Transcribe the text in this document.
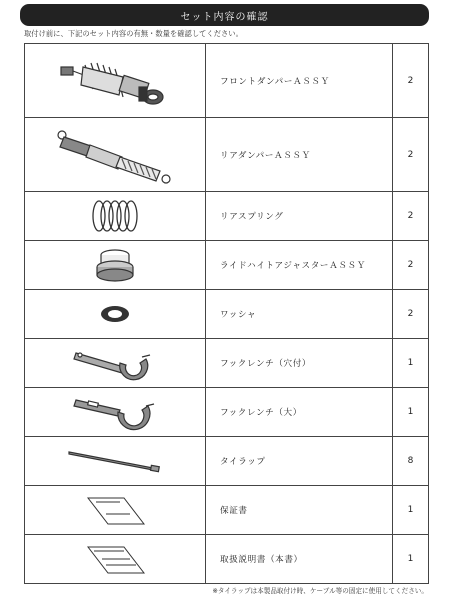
セット内容の確認
取付け前に、下記のセット内容の有無・数量を確認してください。
	フロントダンパーＡＳＳＹ	2

	リアダンパーＡＳＳＹ	2

	リアスプリング	2

	ライドハイトアジャスターＡＳＳＹ	2

	ワッシャ	2

	フックレンチ（穴付）	1

	フックレンチ（大）	1

	タイラップ	8

	保証書	1

	取扱説明書（本書）	1
※タイラップは本製品取付け時、ケーブル等の固定に使用してください。
